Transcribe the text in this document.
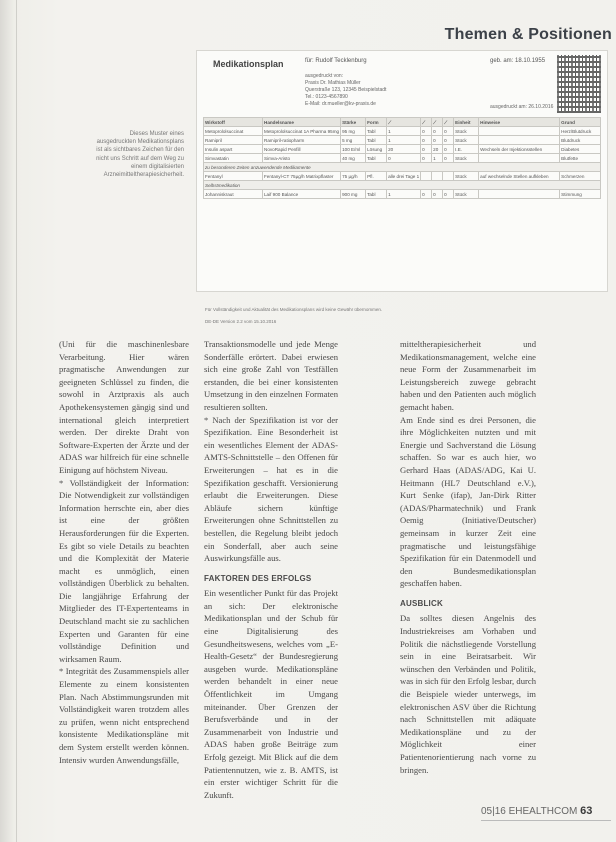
Themen & Positionen
Dieses Muster eines ausgedruckten Medikationsplans ist als sichtbares Zeichen für den nicht uns Schritt auf dem Weg zu einem digitalisierten Arzneimitteltherapiesicherheit.
Medikationsplan	für: Rudolf Tecklenburg	geb. am: 18.10.1955
ausgedruckt von:
Praxis Dr. Mathias Müller
Querstraße 123, 12345 Beispielstadt
Tel.: 0123-4567890
E-Mail: dr.mueller@kv-praxis.de	ausgedruckt am: 26.10.2016
Wirkstoff	Handelsname	Stärke	Form	⟋	⟋	⟋	⟋	Einheit	Hinweise	Grund
Metoprololsuccinat	Metoprololsuccinat 1A Pharma 95mg	95 mg	Tabl	1	0	0	0	Stück		Herz/Blutdruck
Ramipril	Ramipril-ratiopharm	5 mg	Tabl	1	0	0	0	Stück		Blutdruck
Insulin aspart	NovoRapid Penfill	100 E/ml	Lösung	20	0	20	0	I.E.	Wechseln der Injektionsstellen	Diabetes
Simvastatin	Simva-Aristo	40 mg	Tabl	0	0	1	0	Stück		Blutfette
zu besonderen Zeiten anzuwendende Medikamente										
Fentanyl	Fentanyl-CT 75µg/h Matrixpflaster	75 µg/h	Pfl.	alle drei Tage 1				Stück	auf wechselnde Stellen aufkleben	Schmerzen
Selbstmedikation										
Johanniskraut	Laif 900 Balance	900 mg	Tabl	1	0	0	0	Stück		Stimmung
Für Vollständigkeit und Aktualität des Medikationsplans wird keine Gewähr übernommen.
DE-DE Version 2.2 vom 15.10.2016

(Uni für die maschinenlesbare Verarbeitung. Hier wären pragmatische Anwendungen zur geeigneten Schlüssel zu finden, die sowohl in Arztpraxis als auch Apothekensystemen gängig sind und international gleich interpretiert werden. Der direkte Draht von Software-Experten der Ärzte und der ADAS war hilfreich für eine schnelle Einigung auf höchstem Niveau.

* Vollständigkeit der Information: Die Notwendigkeit zur vollständigen Information herrschte ein, aber dies ist eine der größten Herausforderungen für die Experten. Es gibt so viele Details zu beachten und die Komplexität der Materie macht es unmöglich, einen vollständigen Überblick zu behalten. Die langjährige Erfahrung der Mitglieder des IT-Expertenteams in Deutschland macht sie zu sachlichen Experten und Garanten für eine vollständige Definition und wirksamen Raum.

* Integrität des Zusammenspiels aller Elemente zu einem konsistenten Plan. Nach Abstimmungsrunden mit Vollständigkeit waren trotzdem alles zu prüfen, wenn nicht entsprechend konsistente Medikationspläne mit dem System erstellt werden können. Intensiv wurden Anwendungsfälle,

Transaktionsmodelle und jede Menge Sonderfälle erörtert. Dabei erwiesen sich eine große Zahl von Testfällen erstanden, die bei einer konsistenten Umsetzung in den einzelnen Formaten resultieren sollten.

* Nach der Spezifikation ist vor der Spezifikation. Eine Besonderheit ist ein wesentliches Element der ADAS-AMTS-Schnittstelle – den Offenen für Erweiterungen – hat es in die Spezifikation geschafft. Versionierung erlaubt die Erweiterungen. Diese Abläufe sichern künftige Erweiterungen ohne Schnittstellen zu bestellen, die Regelung bleibt jedoch ein Sonderfall, aber auch seine Auswirkungsfälle aus.

FAKTOREN DES ERFOLGS

Ein wesentlicher Punkt für das Projekt an sich: Der elektronische Medikationsplan und der Schub für eine Digitalisierung des Gesundheitswesens, welches vom „E-Health-Gesetz“ der Bundesregierung ausgeben wurde. Medikationspläne werden behandelt in einer neue Öffentlichkeit im Umgang miteinander. Über Grenzen der Berufsverbände und in der Zusammenarbeit von Industrie und ADAS haben große Beiträge zum Erfolg gezeigt. Mit Blick auf die dem Patientennutzen, wie z. B. AMTS, ist ein erster wichtiger Schritt für die Zukunft.

mitteltherapiesicherheit und Medikationsmanagement, welche eine neue Form der Zusammenarbeit im Leistungsbereich zuwege gebracht haben und den Patienten auch möglich gemacht haben.

Am Ende sind es drei Personen, die ihre Möglichkeiten nutzten und mit Energie und Sachverstand die Lösung schaffen. So war es auch hier, wo Gerhard Haas (ADAS/ADG, Kai U. Heitmann (HL7 Deutschland e.V.), Kurt Senke (ifap), Jan-Dirk Ritter (ADAS/Pharmatechnik) und Frank Oemig (Initiative/Deutscher) gemeinsam in kurzer Zeit eine pragmatische und leistungsfähige Spezifikation für ein Datenmodell und den Bundesmedikationsplan geschaffen haben.

AUSBLICK

Da solltes diesen Angelnis des Industriekreises am Vorhaben und Politik die nächstliegende Vorstellung sein in eine Beiratsarbeit. Wir wünschen den Verbänden und Politik, was in sich für den Erfolg lesbar, durch die Beispiele wieder unterwegs, im elektronischen ASV über die Richtung nach Schnittstellen mit adäquate Medikationspläne und zu der Möglichkeit einer Patientenorientierung nach vorne zu bringen.

05|16 EHEALTHCOM 63
